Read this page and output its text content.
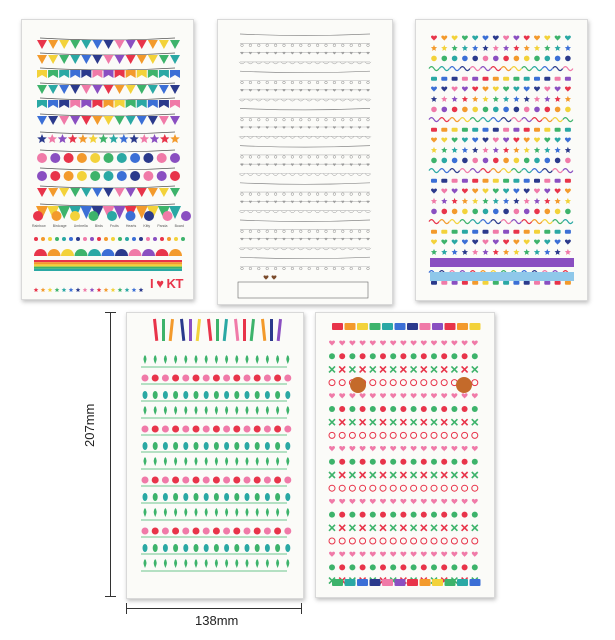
Rainbow Birdcage Umbrella Birds Fruits Hearts Kitty Panda Board
I ♥ KT
207mm
138mm
